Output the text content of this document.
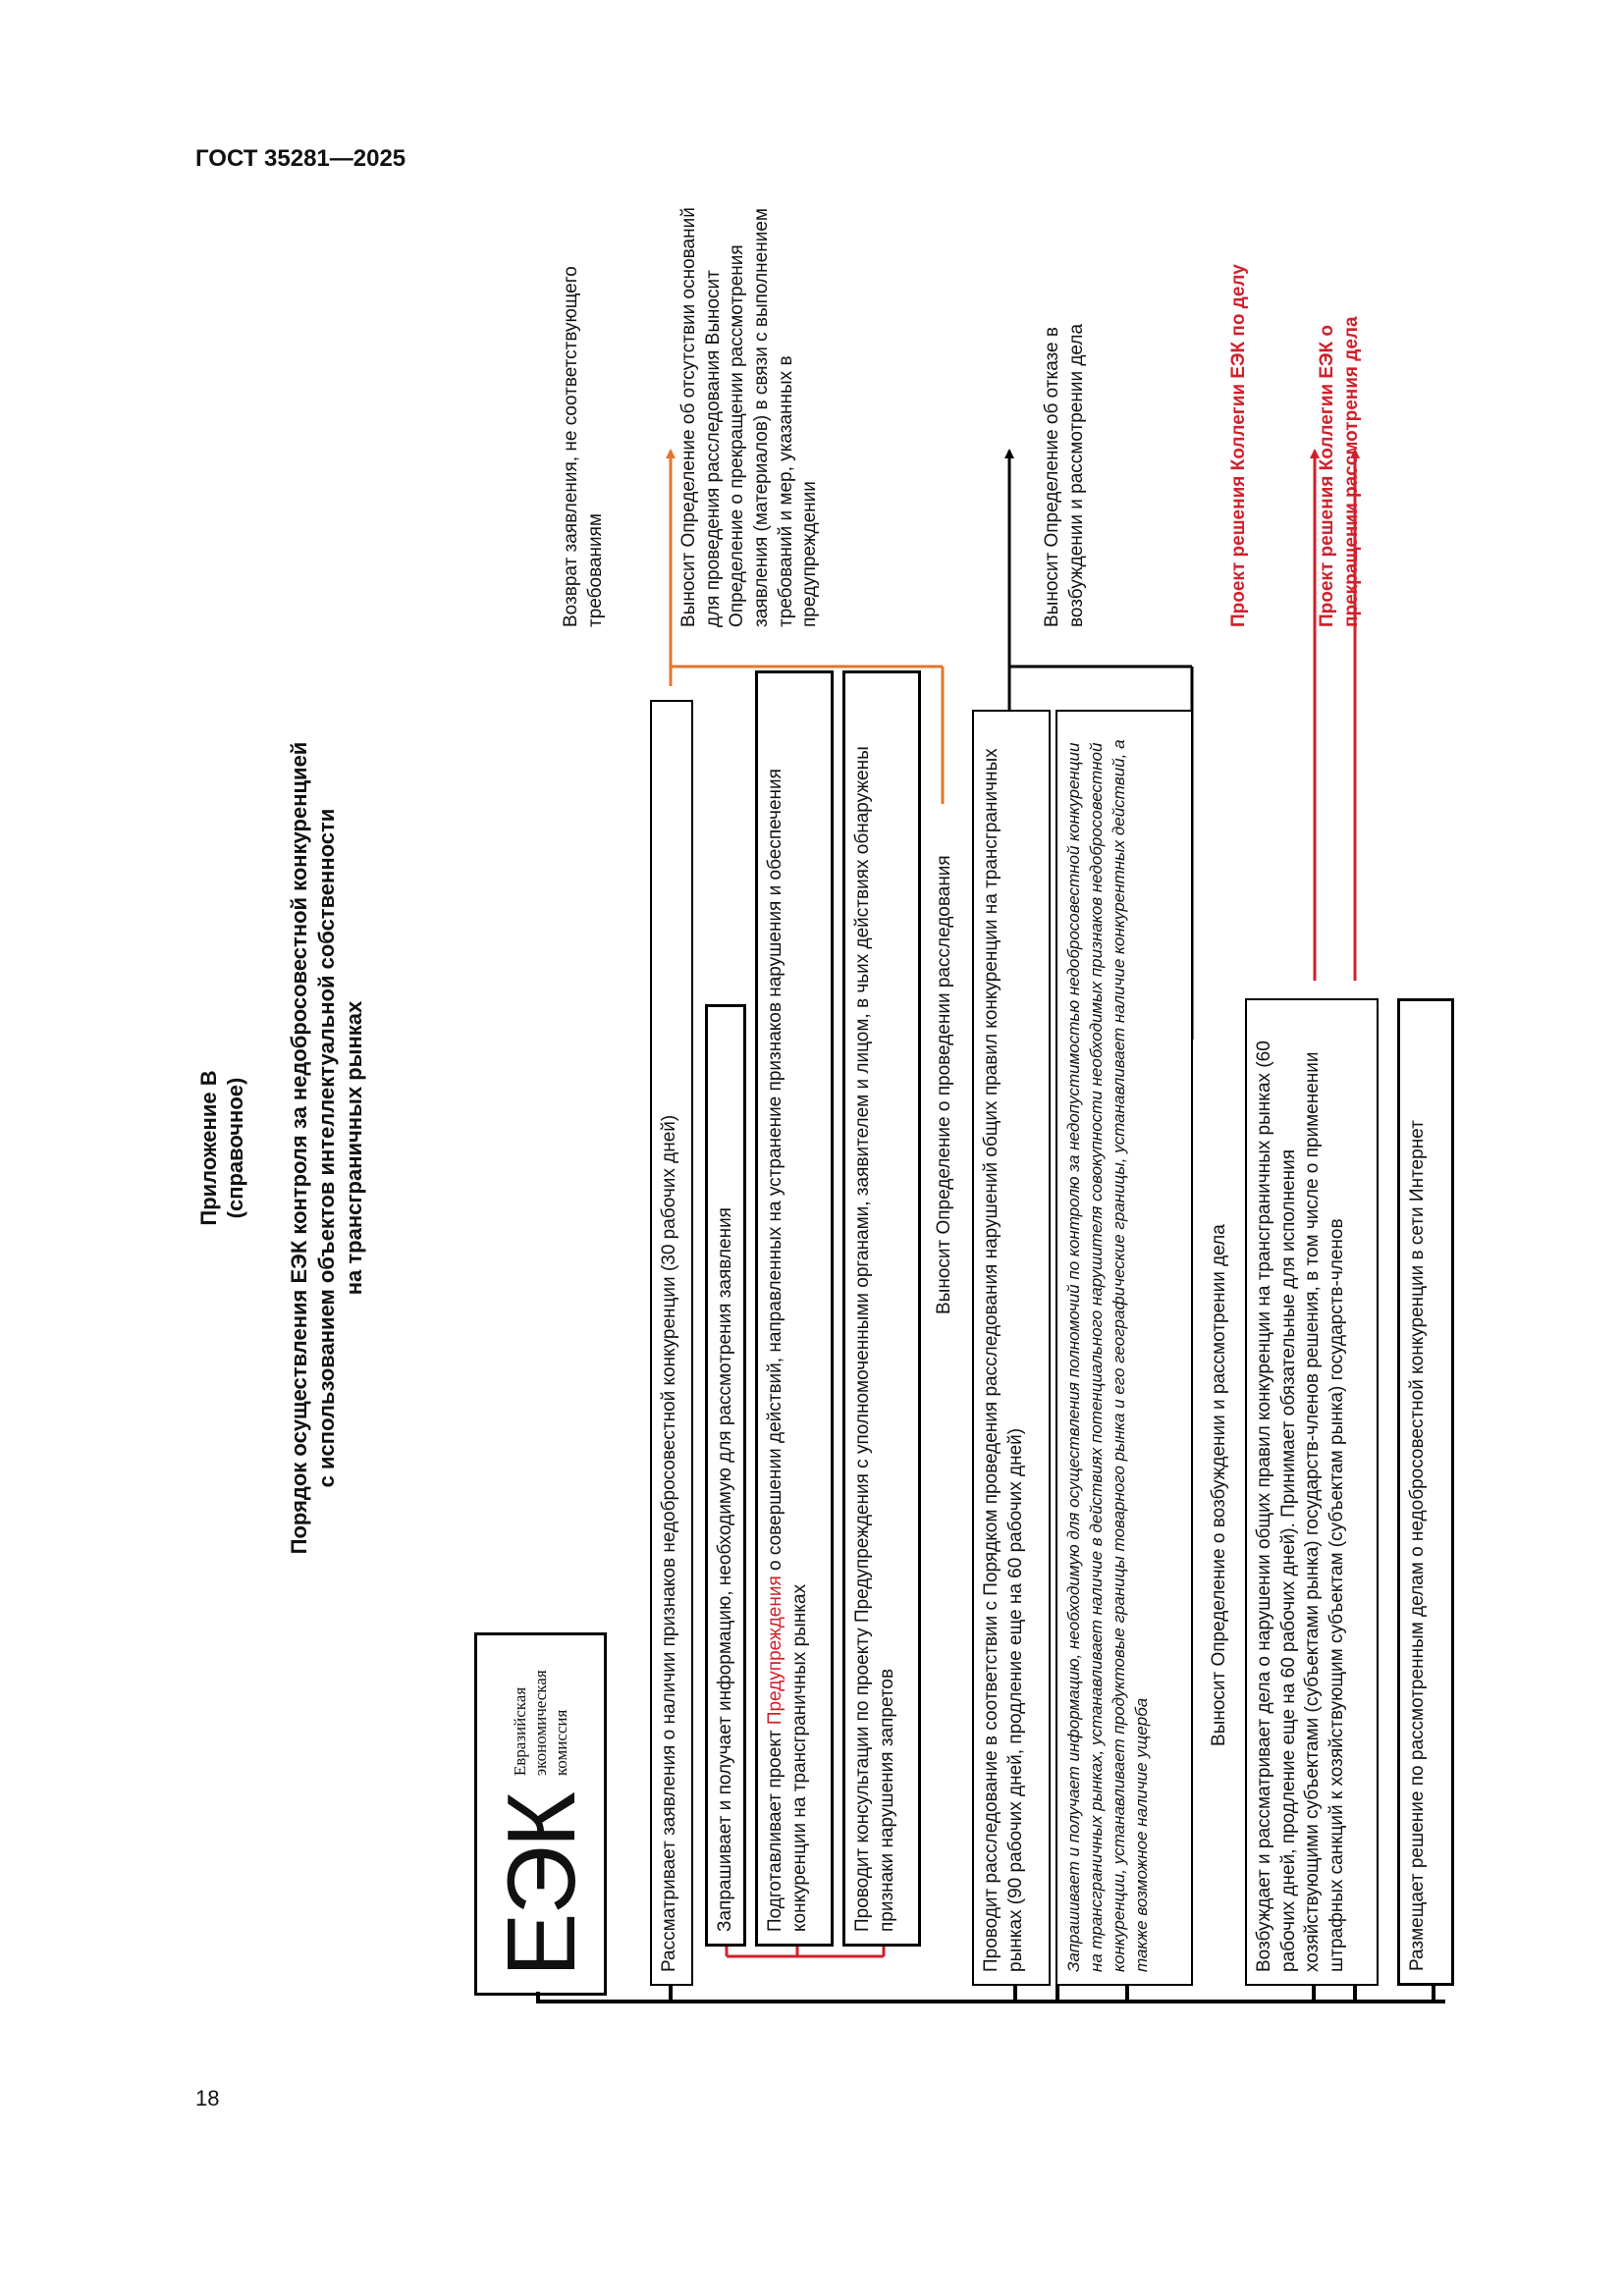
ГОСТ 35281—2025
18
Приложение В (справочное) Порядок осуществления ЕЭК контроля за недобросовестной конкуренцией с использованием объектов интеллектуальной собственности на трансграничных рынках
ЕЭК
Евразийская экономическая комиссия	Рассматривает заявления о наличии признаков недобросовестной конкуренции (30 рабочих дней)	Запрашивает и получает информацию, необходимую для рассмотрения заявления	Подготавливает проект Предупреждения о совершении действий, направленных на устранение признаков нарушения и обеспечения конкуренции на трансграничных рынках	Проводит консультации по проекту Предупреждения с уполномоченными органами, заявителем и лицом, в чьих действиях обнаружены признаки нарушения запретов
Выносит Определение о проведении расследования	Проводит расследование в соответствии с Порядком проведения расследования нарушений общих правил конкуренции на трансграничных рынках (90 рабочих дней, продление еще на 60 рабочих дней)	Запрашивает и получает информацию, необходимую для осуществления полномочий по контролю за недопустимостью недобросовестной конкуренции на трансграничных рынках, устанавливает наличие в действиях потенциального нарушителя совокупности необходимых признаков недобросовестной конкуренции, устанавливает продуктовые границы товарного рынка и его географические границы, устанавливает наличие конкурентных действий, а также возможное наличие ущерба
Выносит Определение о возбуждении и рассмотрении дела	Возбуждает и рассматривает дела о нарушении общих правил конкуренции на трансграничных рынках (60 рабочих дней, продление еще на 60 рабочих дней). Принимает обязательные для исполнения хозяйствующими субъектами (субъектами рынка) государств-членов решения, в том числе о применении штрафных санкций к хозяйствующим субъектам (субъектам рынка) государств-членов	Размещает решение по рассмотренным делам о недобросовестной конкуренции в сети Интернет
Возврат заявления, не соответствующего требованиям	Выносит Определение об отсутствии оснований для проведения расследования Выносит Определение о прекращении рассмотрения заявления (материалов) в связи с выполнением требований и мер, указанных в предупреждении	Выносит Определение об отказе в возбуждении и рассмотрении дела	Проект решения Коллегии ЕЭК по делу	Проект решения Коллегии ЕЭК о прекращении рассмотрения дела
